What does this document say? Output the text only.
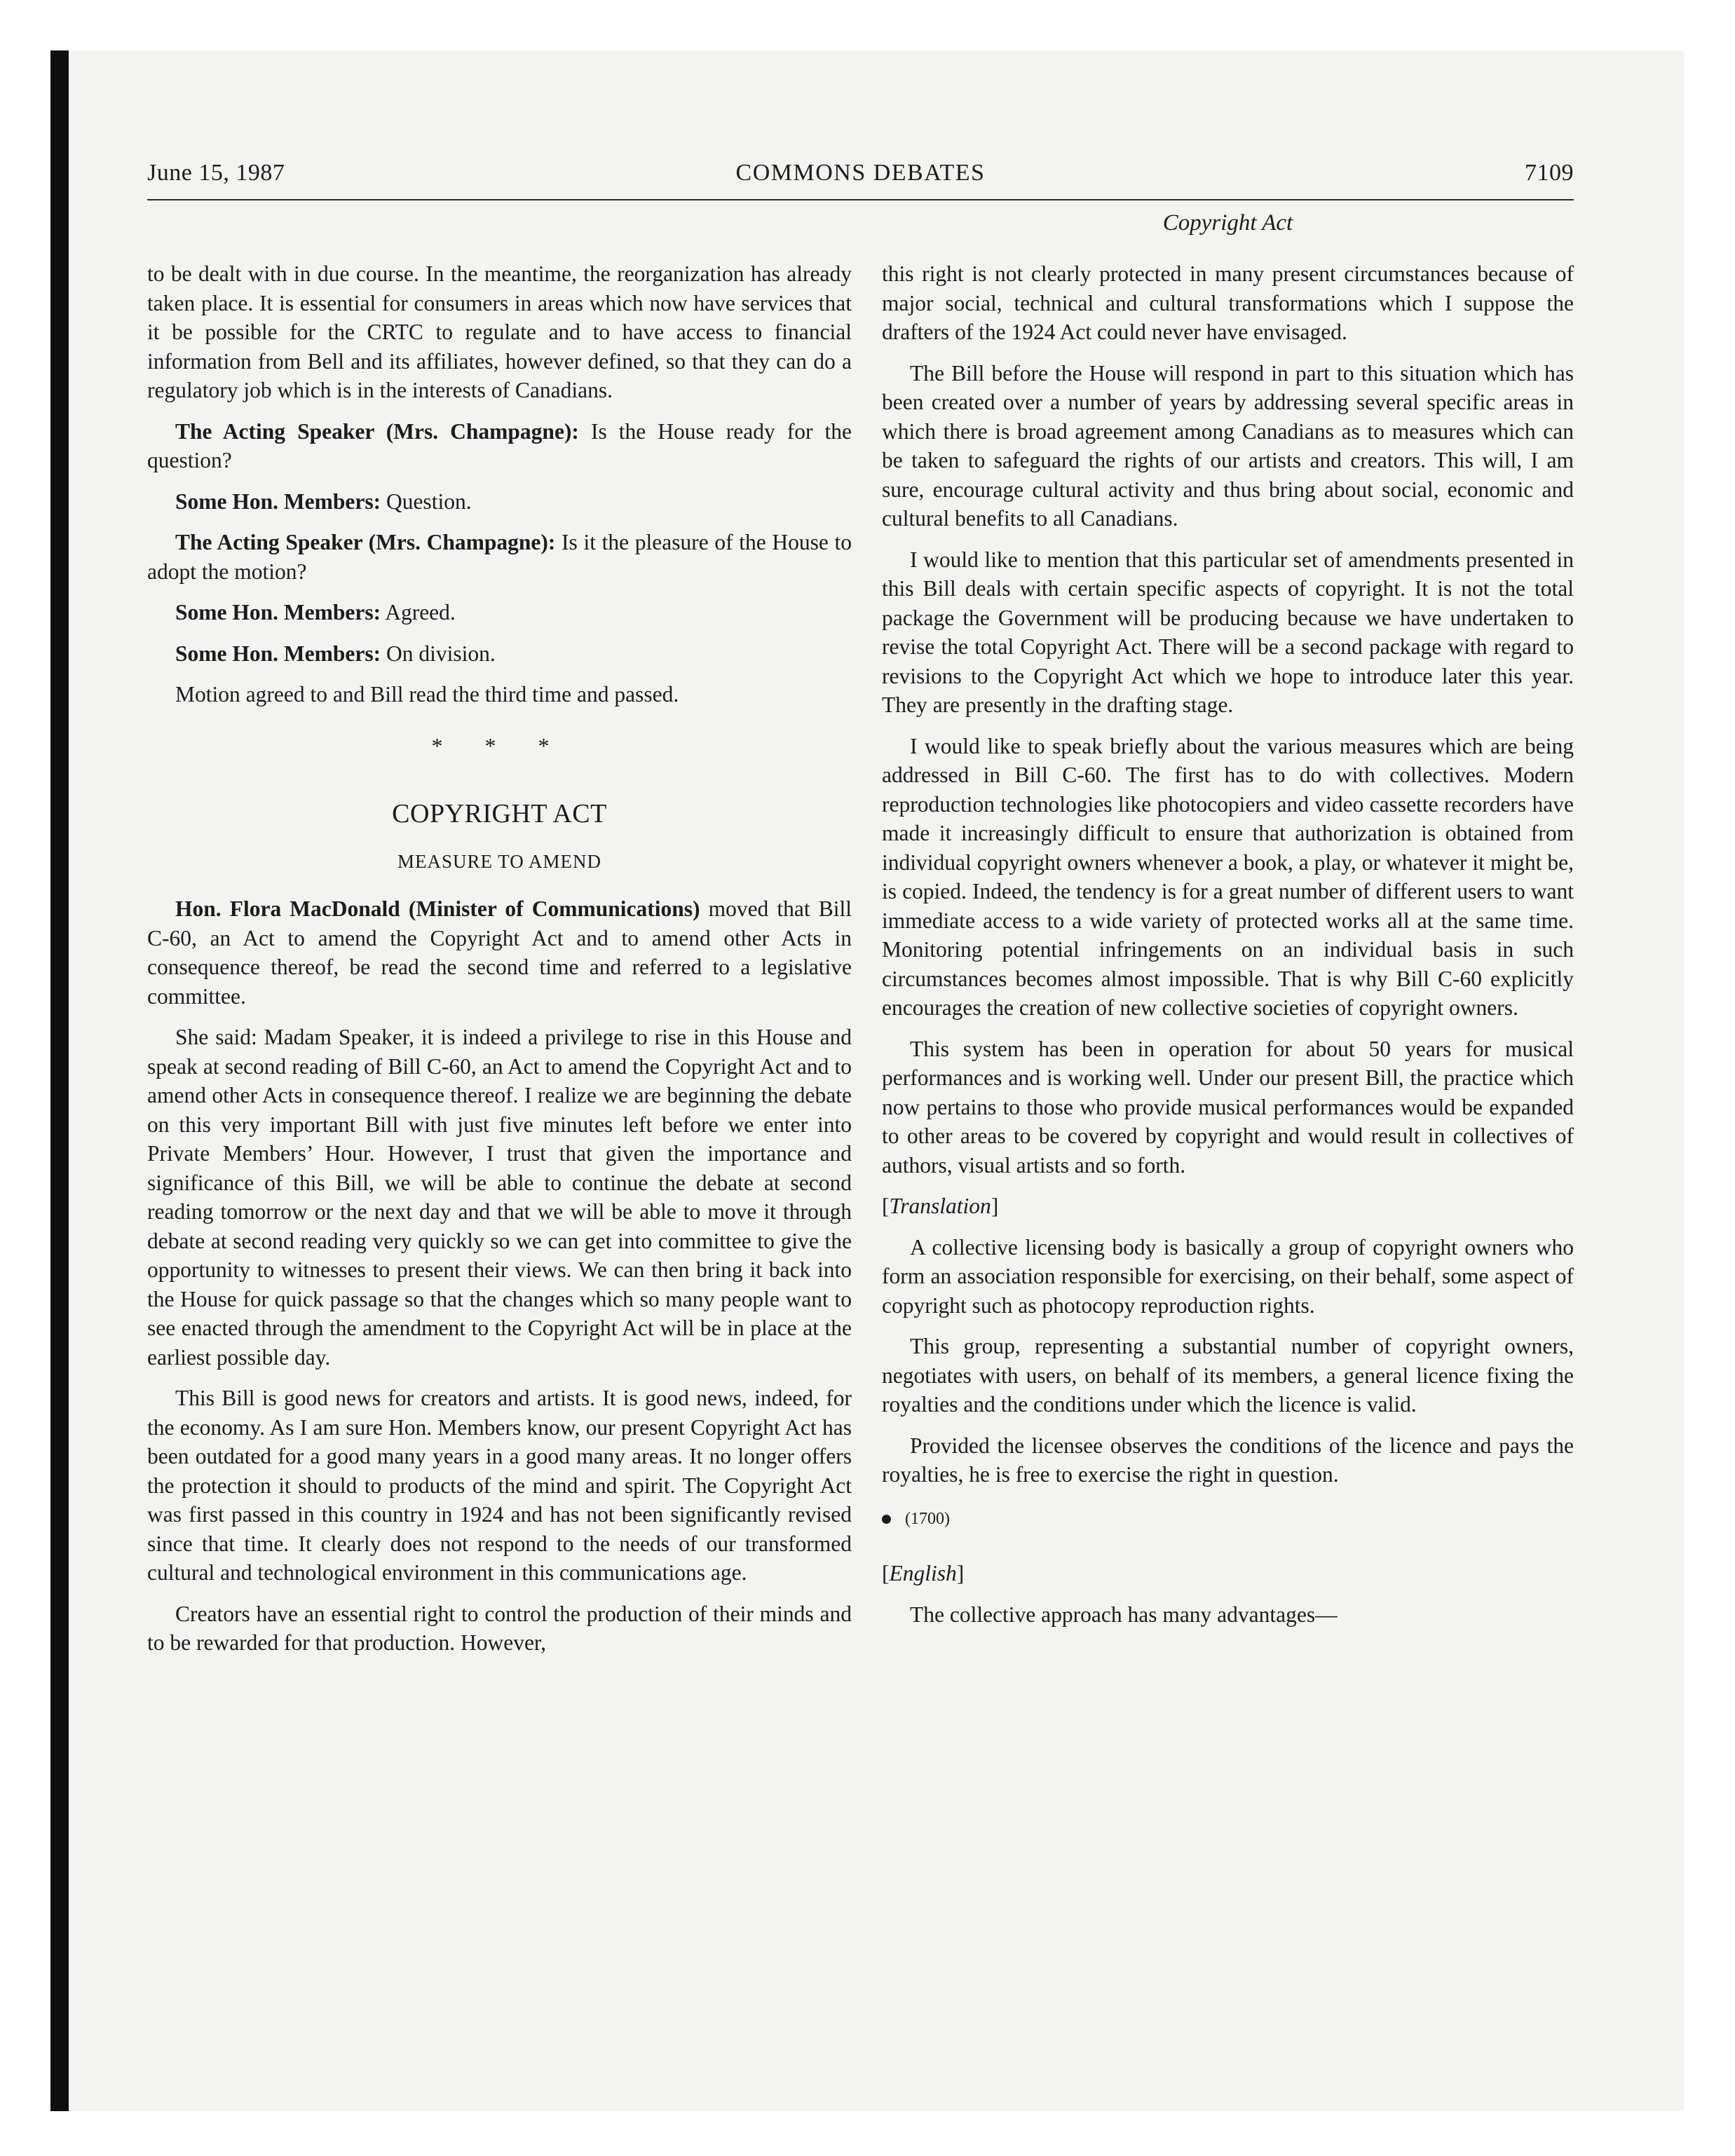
June 15, 1987	COMMONS DEBATES	7109
Copyright Act

to be dealt with in due course. In the meantime, the reorganization has already taken place. It is essential for consumers in areas which now have services that it be possible for the CRTC to regulate and to have access to financial information from Bell and its affiliates, however defined, so that they can do a regulatory job which is in the interests of Canadians.

The Acting Speaker (Mrs. Champagne): Is the House ready for the question?

Some Hon. Members: Question.

The Acting Speaker (Mrs. Champagne): Is it the pleasure of the House to adopt the motion?

Some Hon. Members: Agreed.

Some Hon. Members: On division.

Motion agreed to and Bill read the third time and passed.

* * *
COPYRIGHT ACT
MEASURE TO AMEND

Hon. Flora MacDonald (Minister of Communications) moved that Bill C-60, an Act to amend the Copyright Act and to amend other Acts in consequence thereof, be read the second time and referred to a legislative committee.

She said: Madam Speaker, it is indeed a privilege to rise in this House and speak at second reading of Bill C-60, an Act to amend the Copyright Act and to amend other Acts in consequence thereof. I realize we are beginning the debate on this very important Bill with just five minutes left before we enter into Private Members’ Hour. However, I trust that given the importance and significance of this Bill, we will be able to continue the debate at second reading tomorrow or the next day and that we will be able to move it through debate at second reading very quickly so we can get into committee to give the opportunity to witnesses to present their views. We can then bring it back into the House for quick passage so that the changes which so many people want to see enacted through the amendment to the Copyright Act will be in place at the earliest possible day.

This Bill is good news for creators and artists. It is good news, indeed, for the economy. As I am sure Hon. Members know, our present Copyright Act has been outdated for a good many years in a good many areas. It no longer offers the protection it should to products of the mind and spirit. The Copyright Act was first passed in this country in 1924 and has not been significantly revised since that time. It clearly does not respond to the needs of our transformed cultural and technological environment in this communications age.

Creators have an essential right to control the production of their minds and to be rewarded for that production. However,

this right is not clearly protected in many present circumstances because of major social, technical and cultural transformations which I suppose the drafters of the 1924 Act could never have envisaged.

The Bill before the House will respond in part to this situation which has been created over a number of years by addressing several specific areas in which there is broad agreement among Canadians as to measures which can be taken to safeguard the rights of our artists and creators. This will, I am sure, encourage cultural activity and thus bring about social, economic and cultural benefits to all Canadians.

I would like to mention that this particular set of amendments presented in this Bill deals with certain specific aspects of copyright. It is not the total package the Government will be producing because we have undertaken to revise the total Copyright Act. There will be a second package with regard to revisions to the Copyright Act which we hope to introduce later this year. They are presently in the drafting stage.

I would like to speak briefly about the various measures which are being addressed in Bill C-60. The first has to do with collectives. Modern reproduction technologies like photocopiers and video cassette recorders have made it increasingly difficult to ensure that authorization is obtained from individual copyright owners whenever a book, a play, or whatever it might be, is copied. Indeed, the tendency is for a great number of different users to want immediate access to a wide variety of protected works all at the same time. Monitoring potential infringements on an individual basis in such circumstances becomes almost impossible. That is why Bill C-60 explicitly encourages the creation of new collective societies of copyright owners.

This system has been in operation for about 50 years for musical performances and is working well. Under our present Bill, the practice which now pertains to those who provide musical performances would be expanded to other areas to be covered by copyright and would result in collectives of authors, visual artists and so forth.

[Translation]

A collective licensing body is basically a group of copyright owners who form an association responsible for exercising, on their behalf, some aspect of copyright such as photocopy reproduction rights.

This group, representing a substantial number of copyright owners, negotiates with users, on behalf of its members, a general licence fixing the royalties and the conditions under which the licence is valid.

Provided the licensee observes the conditions of the licence and pays the royalties, he is free to exercise the right in question.

(1700)
[English]

The collective approach has many advantages—
